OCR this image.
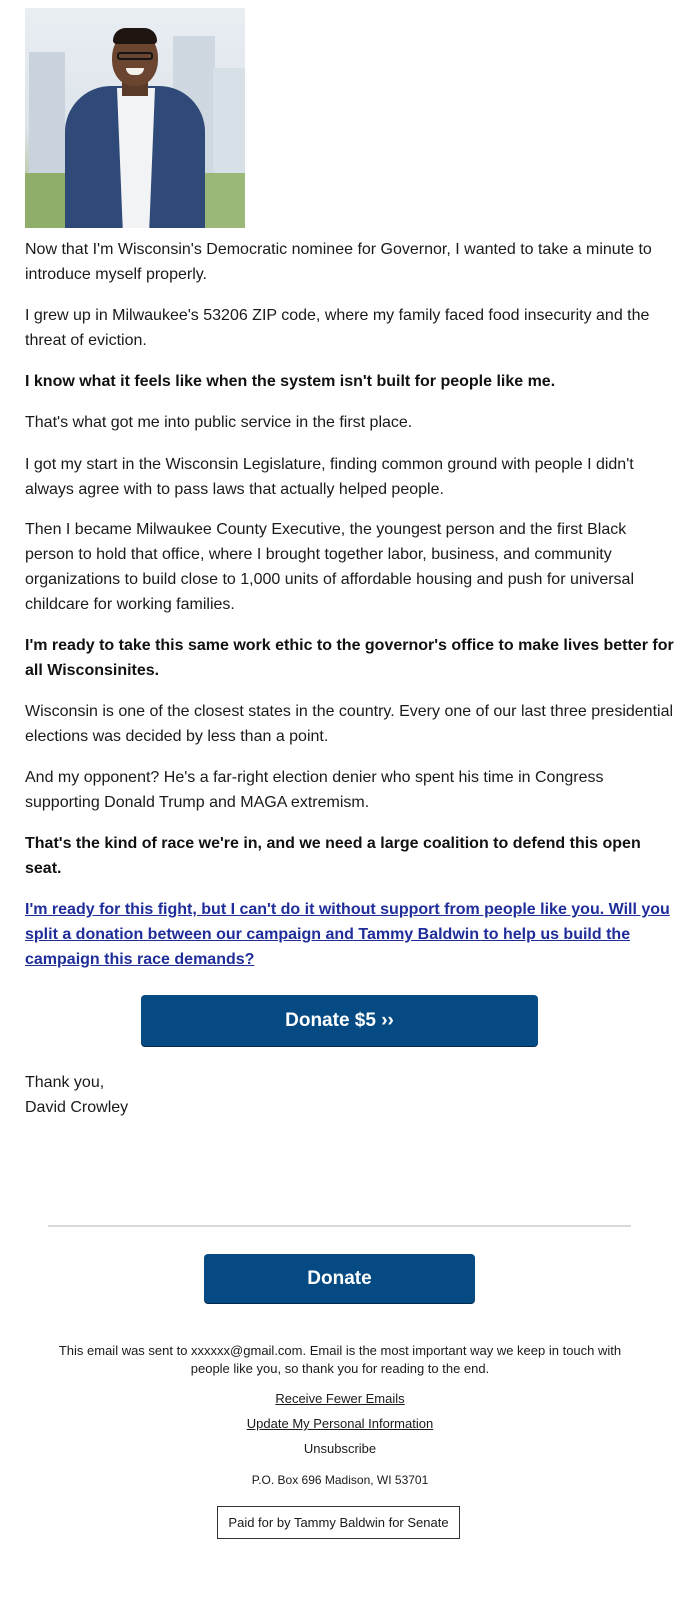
Now that I'm Wisconsin's Democratic nominee for Governor, I wanted to take a minute to introduce myself properly.

I grew up in Milwaukee's 53206 ZIP code, where my family faced food insecurity and the threat of eviction.

I know what it feels like when the system isn't built for people like me.

That's what got me into public service in the first place.

I got my start in the Wisconsin Legislature, finding common ground with people I didn't always agree with to pass laws that actually helped people.

Then I became Milwaukee County Executive, the youngest person and the first Black person to hold that office, where I brought together labor, business, and community organizations to build close to 1,000 units of affordable housing and push for universal childcare for working families.

I'm ready to take this same work ethic to the governor's office to make lives better for all Wisconsinites.

Wisconsin is one of the closest states in the country. Every one of our last three presidential elections was decided by less than a point.

And my opponent? He's a far-right election denier who spent his time in Congress supporting Donald Trump and MAGA extremism.

That's the kind of race we're in, and we need a large coalition to defend this open seat.

I'm ready for this fight, but I can't do it without support from people like you. Will you split a donation between our campaign and Tammy Baldwin to help us build the campaign this race demands?
Donate $5 ››
Thank you,
David Crowley
Donate
This email was sent to xxxxxx@gmail.com. Email is the most important way we keep in touch with people like you, so thank you for reading to the end.
Receive Fewer Emails
Update My Personal Information
Unsubscribe
P.O. Box 696 Madison, WI 53701
Paid for by Tammy Baldwin for Senate
